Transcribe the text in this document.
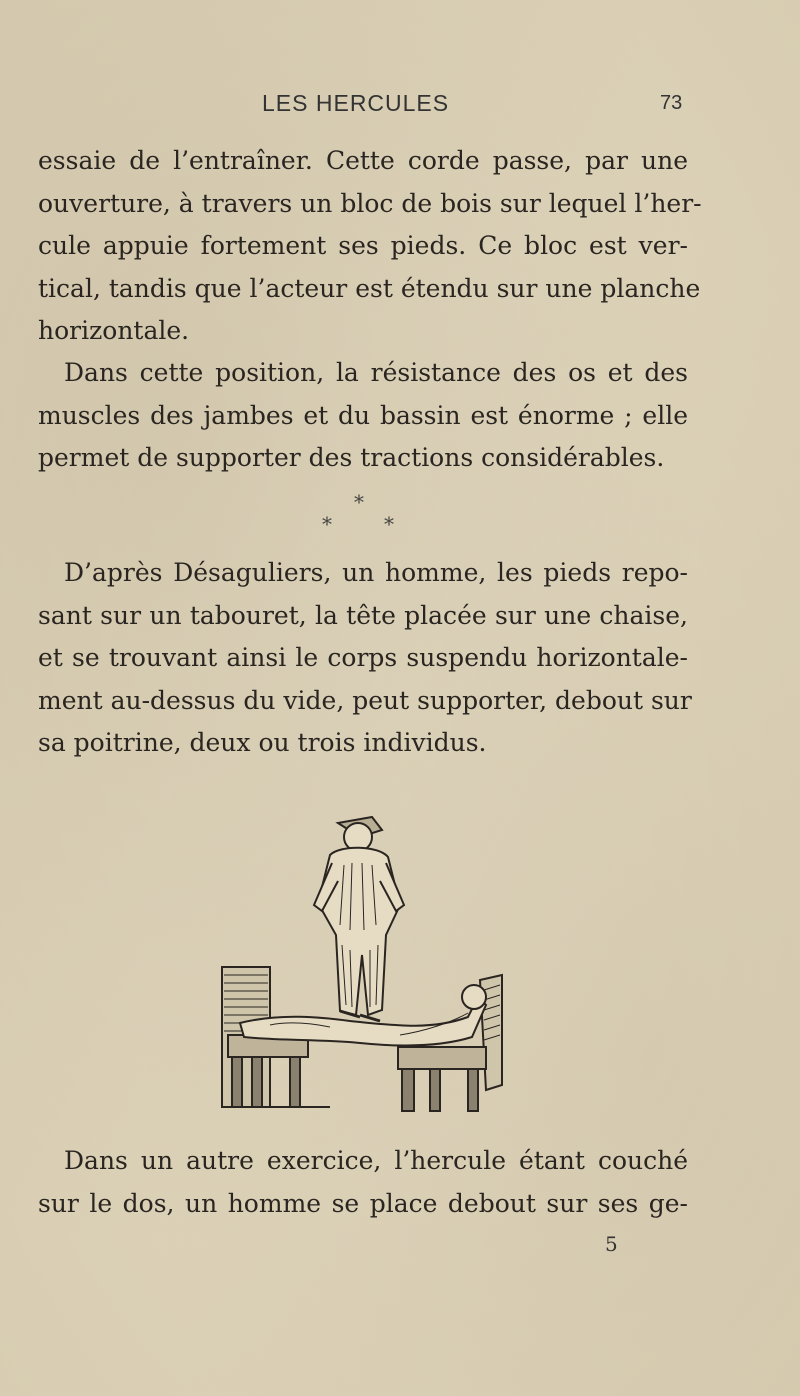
LES HERCULES	73
essaie de l’entraîner. Cette corde passe, par une
ouverture, à travers un bloc de bois sur lequel l’her-
cule appuie fortement ses pieds. Ce bloc est ver-
tical, tandis que l’acteur est étendu sur une planche
horizontale.
Dans cette position, la résistance des os et des
muscles des jambes et du bassin est énorme ; elle
permet de supporter des tractions considérables.
*
*	*
D’après Désaguliers, un homme, les pieds repo-
sant sur un tabouret, la tête placée sur une chaise,
et se trouvant ainsi le corps suspendu horizontale-
ment au-dessus du vide, peut supporter, debout sur
sa poitrine, deux ou trois individus.
Dans un autre exercice, l’hercule étant couché
sur le dos, un homme se place debout sur ses ge-
5
